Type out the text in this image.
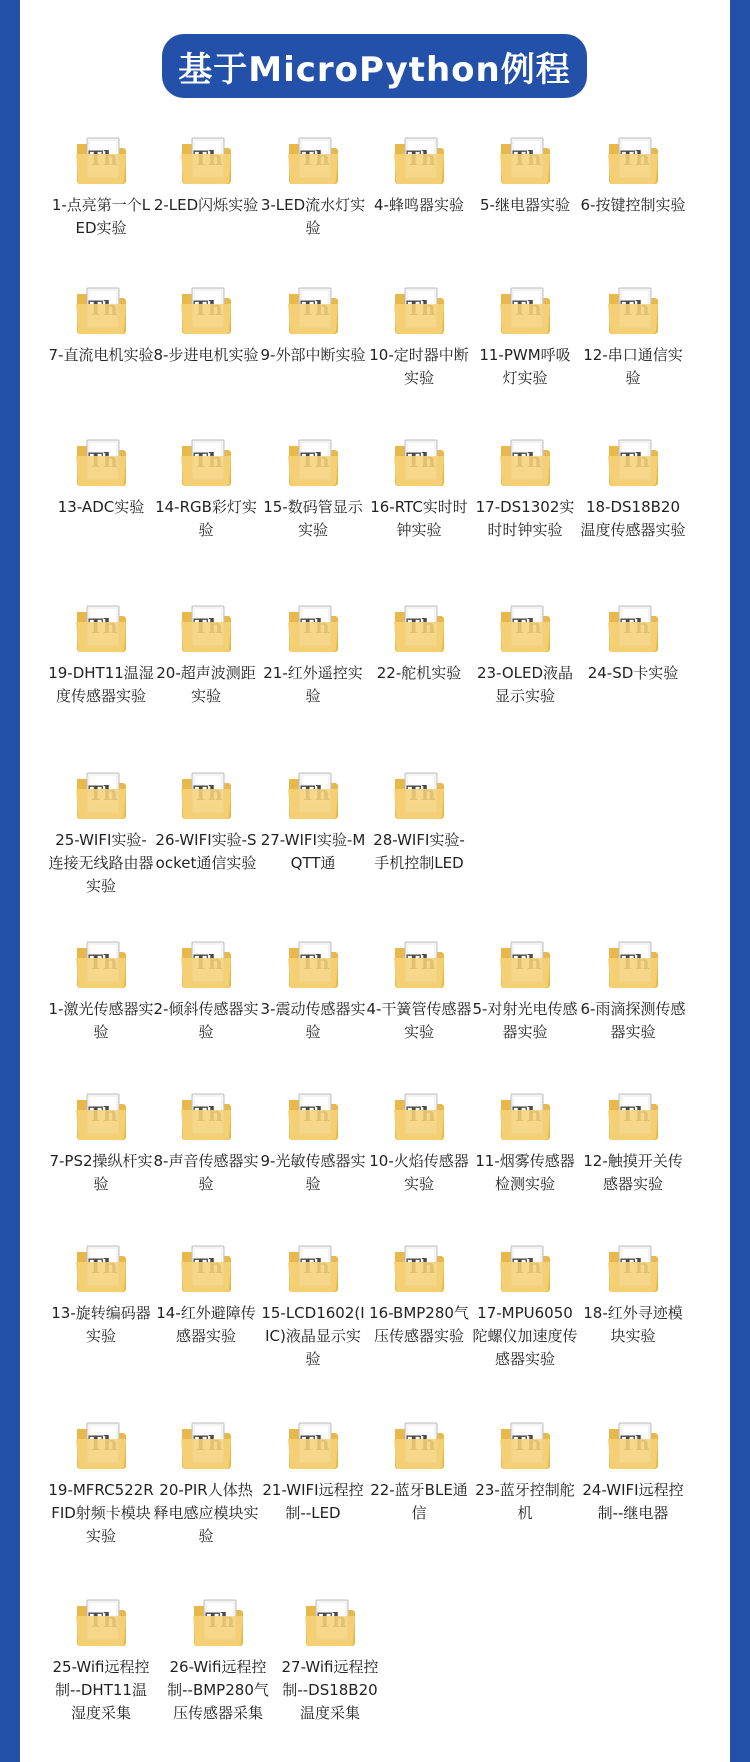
基于MicroPython例程
1-点亮第一个LED实验
2-LED闪烁实验 3-LED流水灯实验
4-蜂鸣器实验	5-继电器实验 6-按键控制实验
7-直流电机实验 8-步进电机实验 9-外部中断实验 10-定时器中断实验
11-PWM呼吸灯实验
12-串口通信实验
13-ADC实验 14-RGB彩灯实验
15-数码管显示实验
16-RTC实时时钟实验
17-DS1302实时时钟实验
18-DS18B20温度传感器实验
19-DHT11温湿度传感器实验
20-超声波测距实验
21-红外遥控实验
22-舵机实验	23-OLED液晶显示实验
24-SD卡实验
25-WIFI实验-连接无线路由器实验
26-WIFI实验-Socket通信实验
27-WIFI实验-MQTT通
28-WIFI实验-手机控制LED
1-激光传感器实验
2-倾斜传感器实验
3-震动传感器实验
4-干簧管传感器实验
5-对射光电传感器实验
6-雨滴探测传感器实验
7-PS2操纵杆实验
8-声音传感器实验
9-光敏传感器实验
10-火焰传感器实验
11-烟雾传感器检测实验
12-触摸开关传感器实验
13-旋转编码器实验
14-红外避障传感器实验
15-LCD1602(IIC)液晶显示实验
16-BMP280气压传感器实验
17-MPU6050陀螺仪加速度传感器实验
18-红外寻迹模块实验
19-MFRC522RFID射频卡模块实验
20-PIR人体热释电感应模块实验
21-WIFI远程控制--LED
22-蓝牙BLE通信
23-蓝牙控制舵机
24-WIFI远程控制--继电器
25-Wifi远程控制--DHT11温湿度采集
26-Wifi远程控制--BMP280气压传感器采集
27-Wifi远程控制--DS18B20温度采集
